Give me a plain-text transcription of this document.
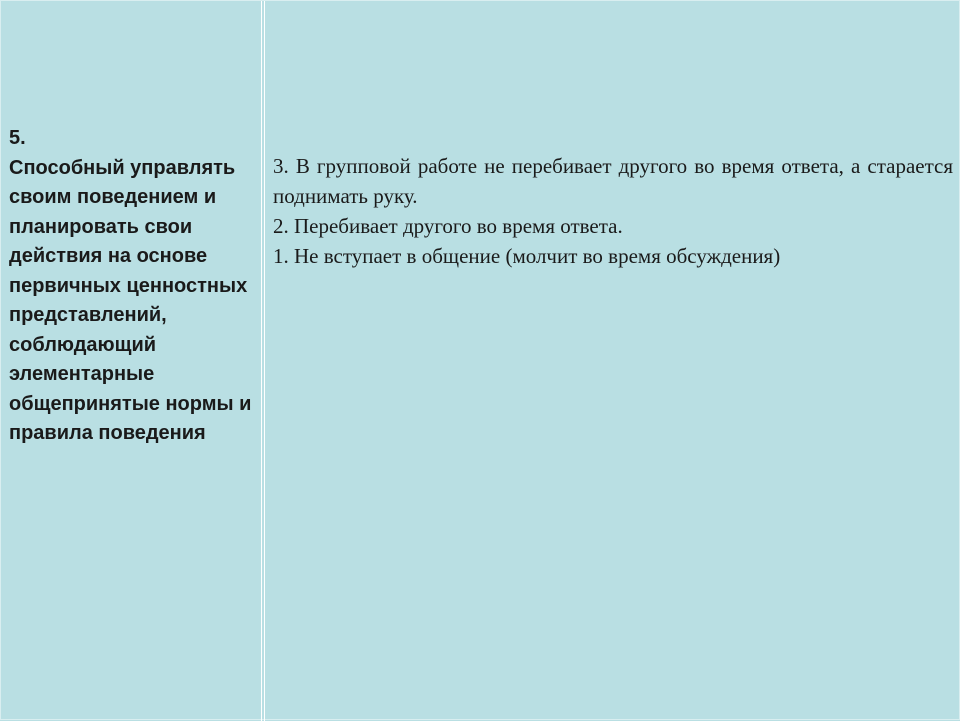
5.
Способный управлять своим поведением и планировать свои действия на основе первичных ценностных представлений, соблюдающий элементарные общепринятые нормы и правила поведения

3. В групповой работе не перебивает другого во время ответа, а старается поднимать руку.

2. Перебивает другого во время ответа.

1. Не вступает в общение (молчит во время обсуждения)
